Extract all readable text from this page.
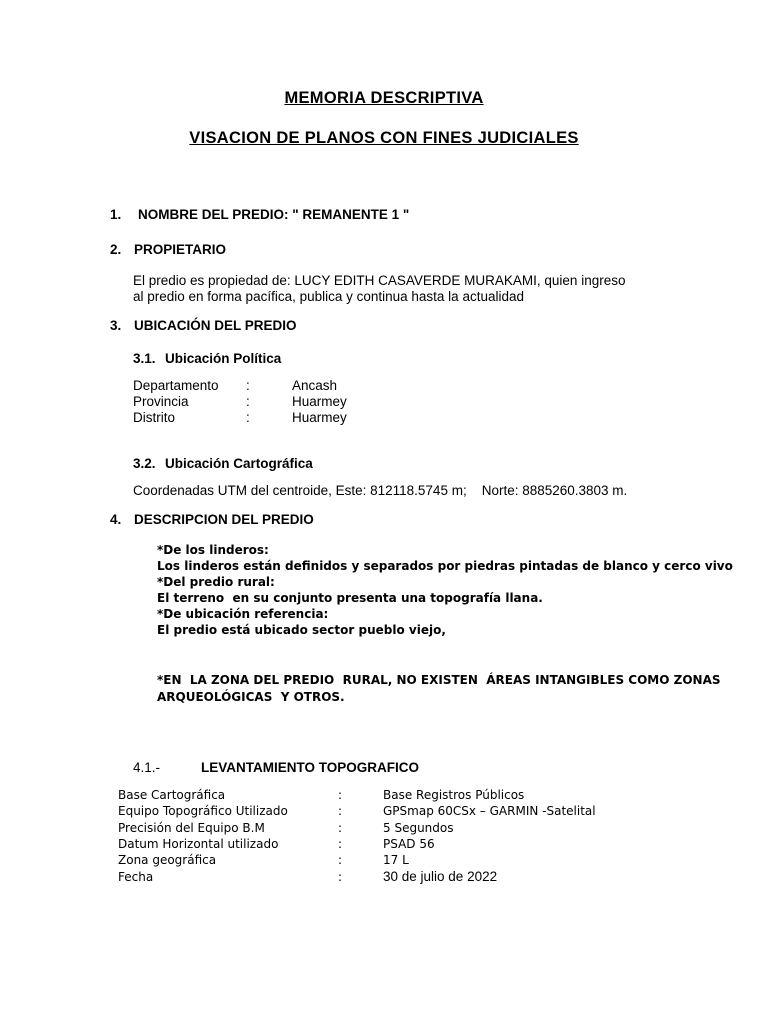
MEMORIA DESCRIPTIVA
VISACION DE PLANOS CON FINES JUDICIALES
1. NOMBRE DEL PREDIO: " REMANENTE 1 "
2. PROPIETARIO
El predio es propiedad de: LUCY EDITH CASAVERDE MURAKAMI, quien ingreso
al predio en forma pacífica, publica y continua hasta la actualidad
3. UBICACIÓN DEL PREDIO
3.1. Ubicación Política
Departamento :	Ancash
Provincia	:	Huarmey
Distrito	:	Huarmey
3.2. Ubicación Cartográfica
Coordenadas UTM del centroide, Este: 812118.5745 m;    Norte: 8885260.3803 m.
4. DESCRIPCION DEL PREDIO
*De los linderos:
Los linderos están definidos y separados por piedras pintadas de blanco y cerco vivo
*Del predio rural:
El terreno  en su conjunto presenta una topografía llana.
*De ubicación referencia:
El predio está ubicado sector pueblo viejo,
*EN  LA ZONA DEL PREDIO  RURAL, NO EXISTEN  ÁREAS INTANGIBLES COMO ZONAS
ARQUEOLÓGICAS  Y OTROS.
4.1.-	LEVANTAMIENTO TOPOGRAFICO
Base Cartográfica	:	Base Registros Públicos
Equipo Topográfico Utilizado	:	GPSmap 60CSx – GARMIN -Satelital
Precisión del Equipo B.M	:	5 Segundos
Datum Horizontal utilizado	:	PSAD 56
Zona geográfica	:	17 L
Fecha	:	30 de julio de 2022
